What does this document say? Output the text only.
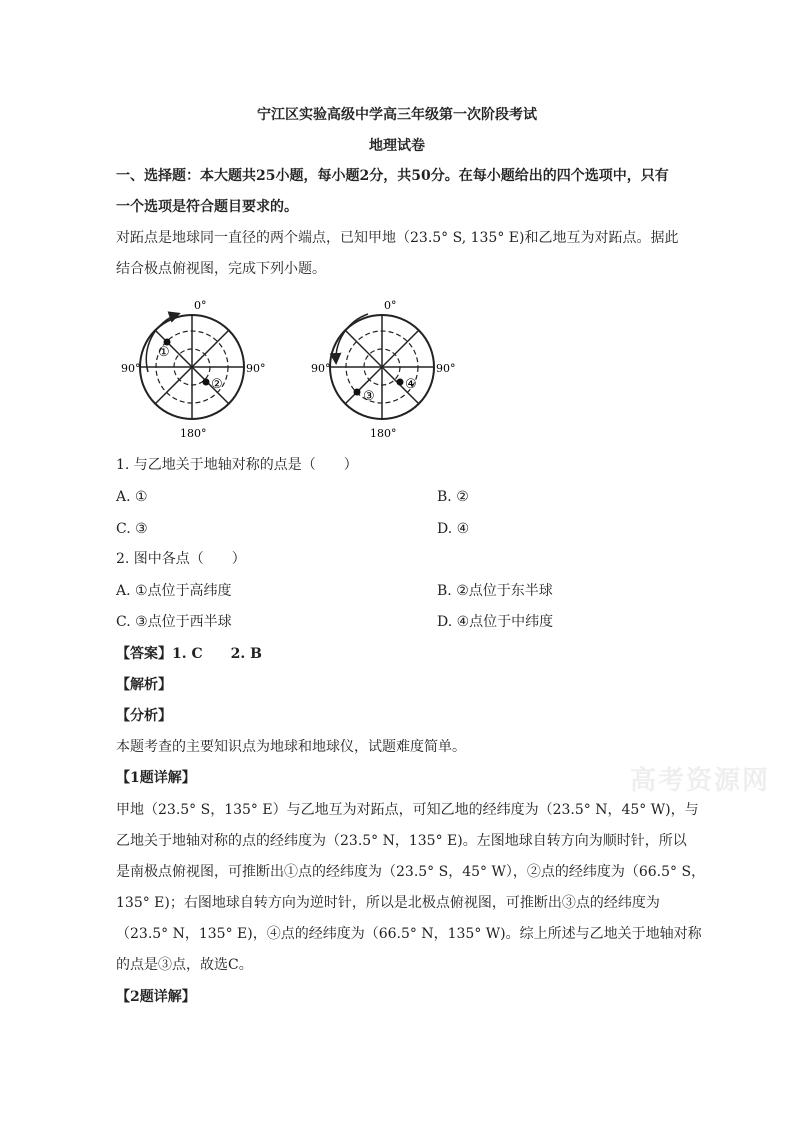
宁江区实验高级中学高三年级第一次阶段考试
地理试卷
一、选择题：本大题共25小题，每小题2分，共50分。在每小题给出的四个选项中，只有
一个选项是符合题目要求的。
对跖点是地球同一直径的两个端点，已知甲地（23.5° S, 135° E)和乙地互为对跖点。据此
结合极点俯视图，完成下列小题。
0°
90°	90°
180°
①
②
0°
90°	90°
180°
③
④
1. 与乙地关于地轴对称的点是（　　）
A. ①	B. ②
C. ③	D. ④
2. 图中各点（　　）
A. ①点位于高纬度	B. ②点位于东半球
C. ③点位于西半球	D. ④点位于中纬度
【答案】1. C　　2. B
【解析】
【分析】
本题考查的主要知识点为地球和地球仪，试题难度简单。
【1题详解】
甲地（23.5° S，135° E）与乙地互为对跖点，可知乙地的经纬度为（23.5° N，45° W)，与
乙地关于地轴对称的点的经纬度为（23.5° N，135° E)。左图地球自转方向为顺时针，所以
是南极点俯视图，可推断出①点的经纬度为（23.5° S，45° W），②点的经纬度为（66.5° S，
135° E)；右图地球自转方向为逆时针，所以是北极点俯视图，可推断出③点的经纬度为
（23.5° N，135° E)，④点的经纬度为（66.5° N，135° W)。综上所述与乙地关于地轴对称
的点是③点，故选C。
【2题详解】
高考资源网
